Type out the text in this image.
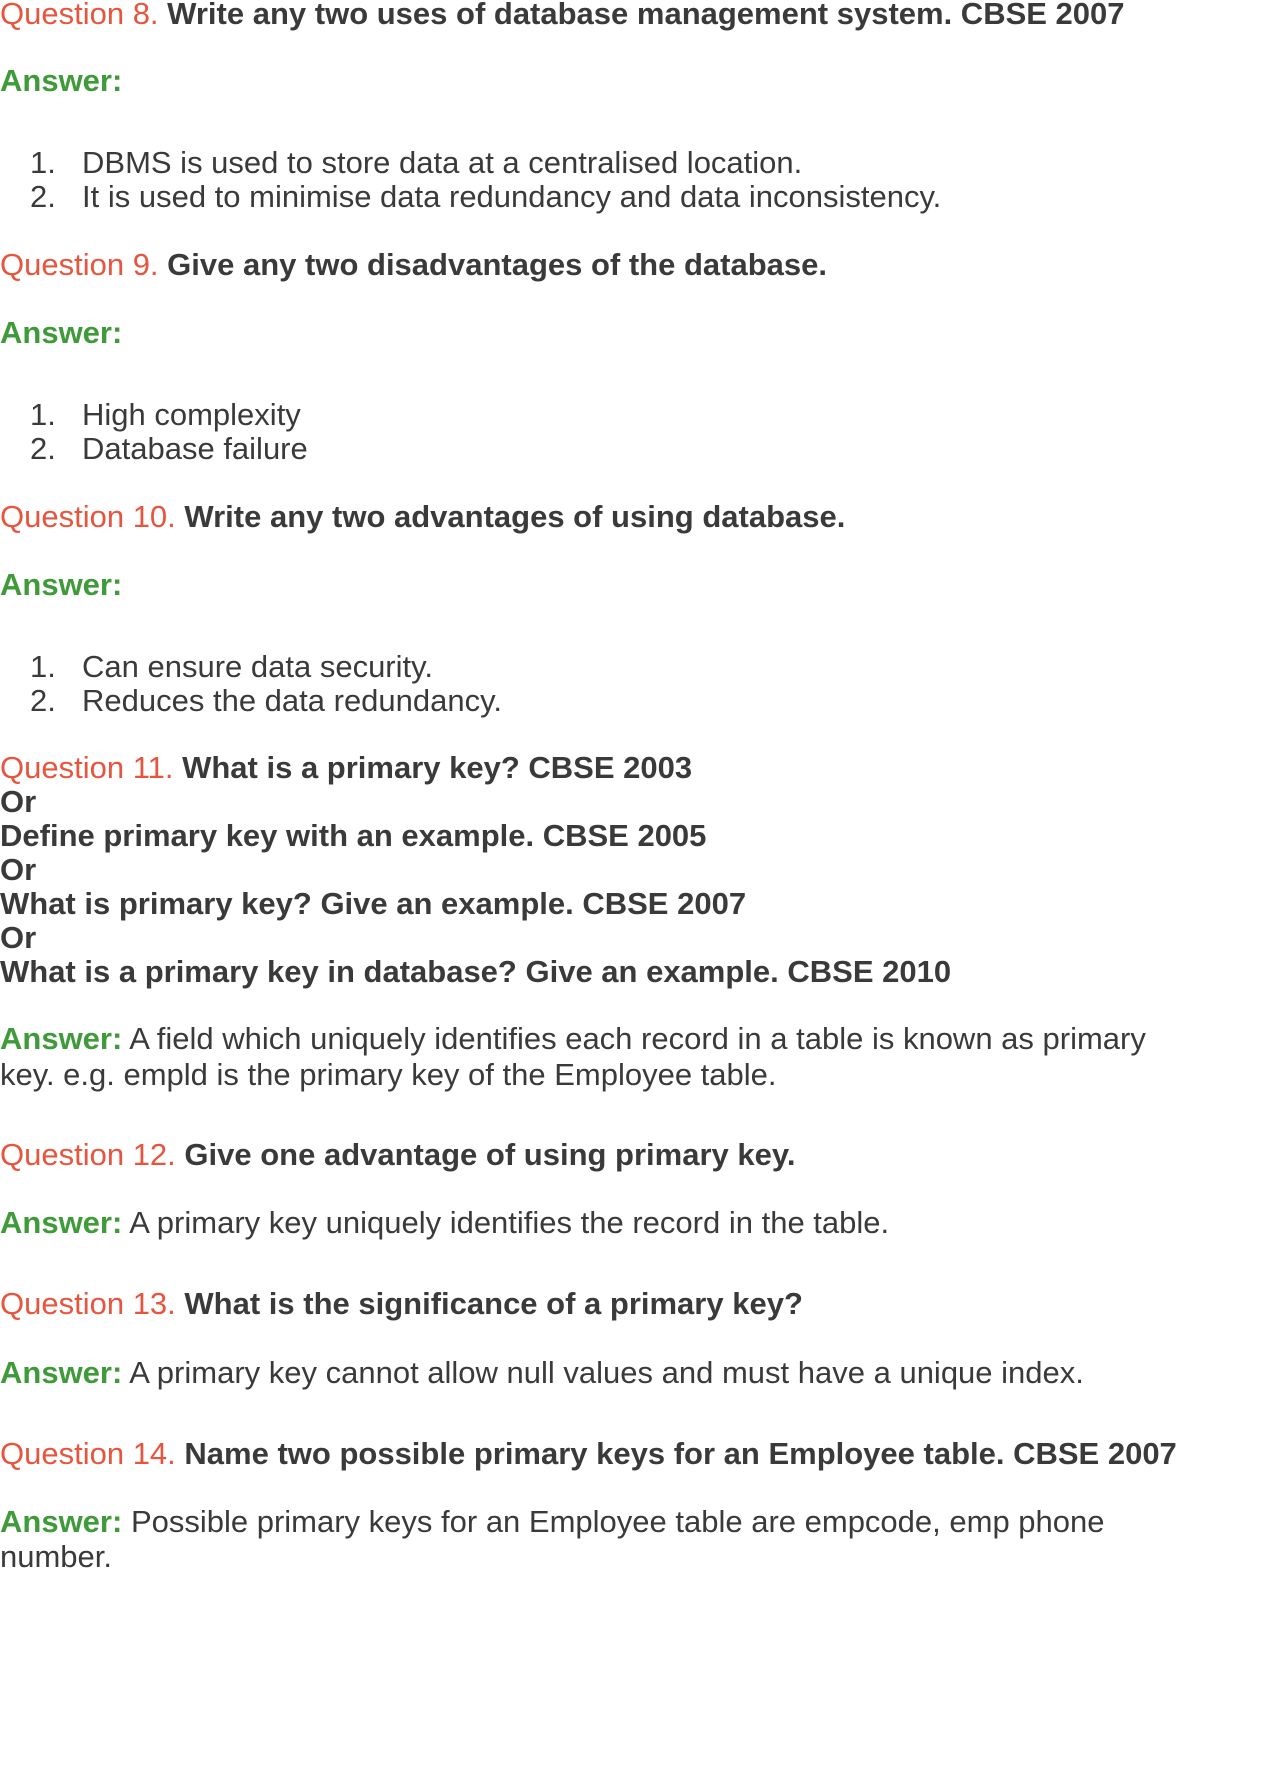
Question 8. Write any two uses of database management system. CBSE 2007
Answer:
1. DBMS is used to store data at a centralised location.
2. It is used to minimise data redundancy and data inconsistency.
Question 9. Give any two disadvantages of the database.
Answer:
1. High complexity
2. Database failure
Question 10. Write any two advantages of using database.
Answer:
1. Can ensure data security.
2. Reduces the data redundancy.
Question 11. What is a primary key? CBSE 2003
Or
Define primary key with an example. CBSE 2005
Or
What is primary key? Give an example. CBSE 2007
Or
What is a primary key in database? Give an example. CBSE 2010
Answer: A field which uniquely identifies each record in a table is known as primary
key. e.g. empld is the primary key of the Employee table.
Question 12. Give one advantage of using primary key.
Answer: A primary key uniquely identifies the record in the table.
Question 13. What is the significance of a primary key?
Answer: A primary key cannot allow null values and must have a unique index.
Question 14. Name two possible primary keys for an Employee table. CBSE 2007
Answer: Possible primary keys for an Employee table are empcode, emp phone
number.
